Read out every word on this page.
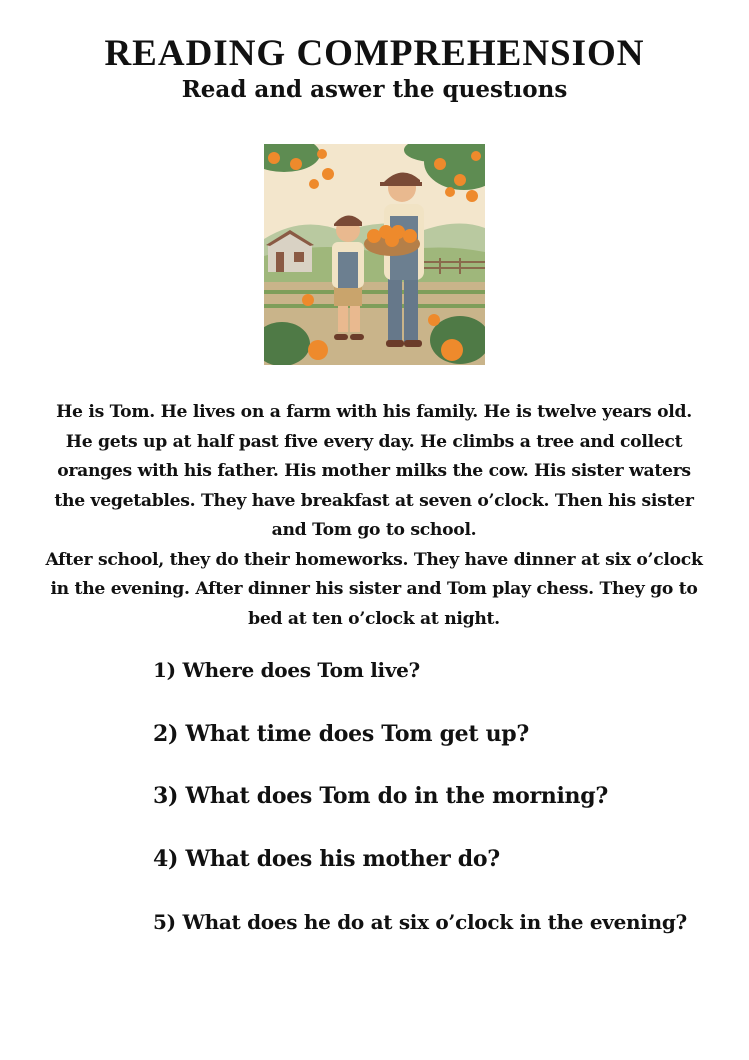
READING COMPREHENSION
Read and aswer the questıons
He is Tom. He lives on a farm with his family. He is twelve years old.
He gets up at half past five every day. He climbs a tree and collect
oranges with his father. His mother milks the cow. His sister waters
the vegetables. They have breakfast at seven o’clock. Then his sister
and Tom go to school.
After school, they do their homeworks. They have dinner at six o’clock
in the evening. After dinner his sister and Tom play chess. They go to
bed at ten o’clock at night.
1) Where does Tom live?
2) What time does Tom get up?
3) What does Tom do in the morning?
4) What does his mother do?
5) What does he do at six o’clock in the evening?
